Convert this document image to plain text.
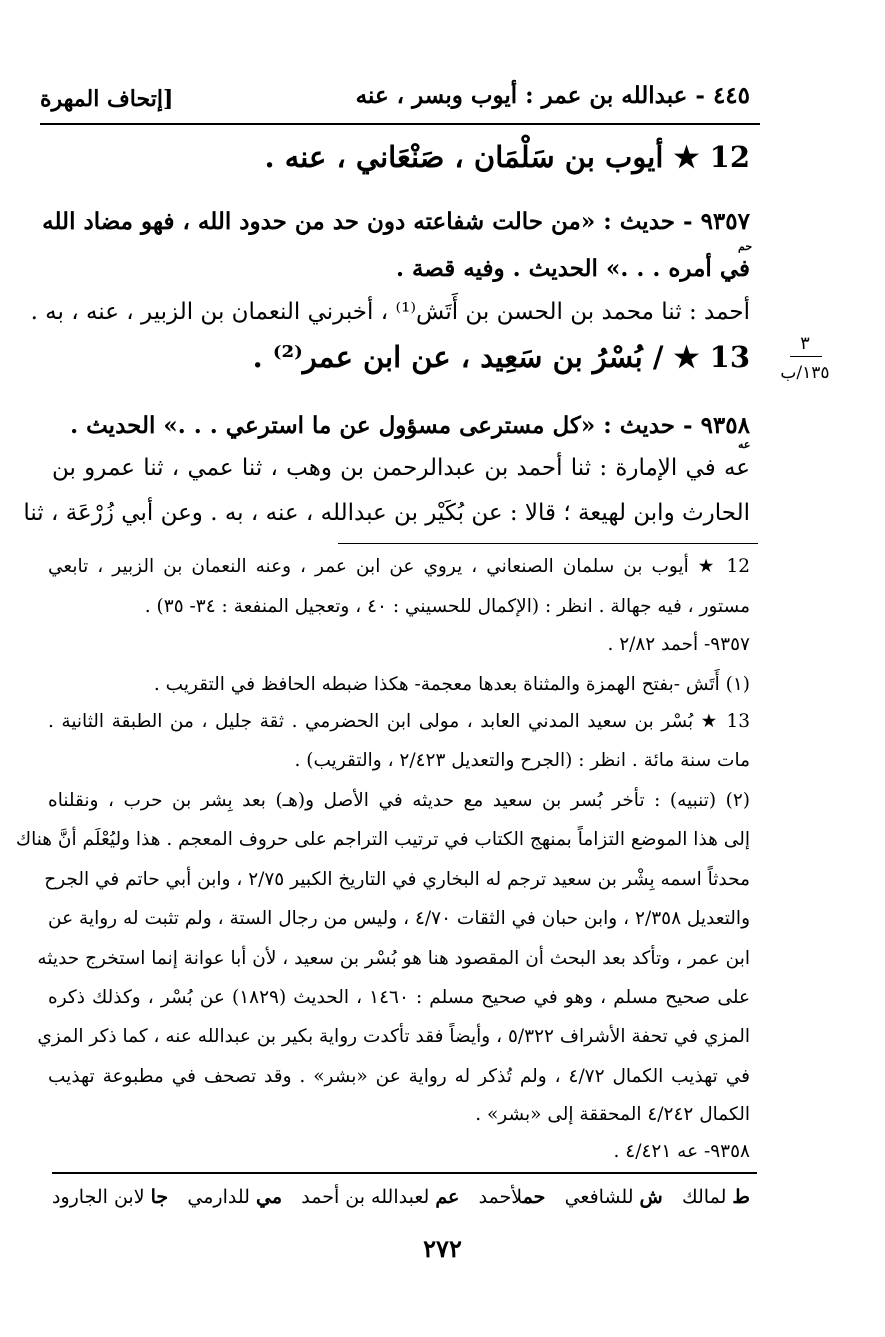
[إتحاف المهرة	٤٤٥ - عبدالله بن عمر : أيوب وبسر ، عنه
12 ★ أيوب بن سَلْمَان ، صَنْعَاني ، عنه .
٩٣٥٧ - حديث : «من حالت شفاعته دون حد من حدود الله ، فهو مضاد الله
حم
في أمره . . .» الحديث . وفيه قصة .
أحمد : ثنا محمد بن الحسن بن أَتَش⁽¹⁾ ، أخبرني النعمان بن الزبير ، عنه ، به .
13 ★ / بُسْرُ بن سَعِيد ، عن ابن عمر⁽²⁾ .
٩٣٥٨ - حديث : «كل مسترعى مسؤول عن ما استرعي . . .» الحديث .
عه
عه في الإمارة : ثنا أحمد بن عبدالرحمن بن وهب ، ثنا عمي ، ثنا عمرو بن
الحارث وابن لهيعة ؛ قالا : عن بُكَيْر بن عبدالله ، عنه ، به . وعن أبي زُرْعَة ، ثنا
٣
١٣٥/ب
12 ★ أيوب بن سلمان الصنعاني ، يروي عن ابن عمر ، وعنه النعمان بن الزبير ، تابعي
مستور ، فيه جهالة . انظر : (الإكمال للحسيني : ٤٠ ، وتعجيل المنفعة : ٣٤- ٣٥) .
٩٣٥٧- أحمد ٢/٨٢ .
(١) أَتَش -بفتح الهمزة والمثناة بعدها معجمة- هكذا ضبطه الحافظ في التقريب .
13 ★ بُسْر بن سعيد المدني العابد ، مولى ابن الحضرمي . ثقة جليل ، من الطبقة الثانية .
مات سنة مائة . انظر : (الجرح والتعديل ٢/٤٢٣ ، والتقريب) .
(٢) (تنبيه) : تأخر بُسر بن سعيد مع حديثه في الأصل و(هـ) بعد بِشر بن حرب ، ونقلناه
إلى هذا الموضع التزاماً بمنهج الكتاب في ترتيب التراجم على حروف المعجم . هذا وليُعْلَم أنَّ هناك
محدثاً اسمه بِشْر بن سعيد ترجم له البخاري في التاريخ الكبير ٢/٧٥ ، وابن أبي حاتم في الجرح
والتعديل ٢/٣٥٨ ، وابن حبان في الثقات ٤/٧٠ ، وليس من رجال الستة ، ولم تثبت له رواية عن
ابن عمر ، وتأكد بعد البحث أن المقصود هنا هو بُسْر بن سعيد ، لأن أبا عوانة إنما استخرج حديثه
على صحيح مسلم ، وهو في صحيح مسلم : ١٤٦٠ ، الحديث (١٨٢٩) عن بُسْر ، وكذلك ذكره
المزي في تحفة الأشراف ٥/٣٢٢ ، وأيضاً فقد تأكدت رواية بكير بن عبدالله عنه ، كما ذكر المزي
في تهذيب الكمال ٤/٧٢ ، ولم تُذكر له رواية عن «بشر» . وقد تصحف في مطبوعة تهذيب
الكمال ٤/٢٤٢ المحققة إلى «بشر» .
٩٣٥٨- عه ٤/٤٢١ .
ط لمالك
ش للشافعي
حملأحمد
عم لعبدالله بن أحمد
مي للدارمي
جا لابن الجارود
٢٧٢
